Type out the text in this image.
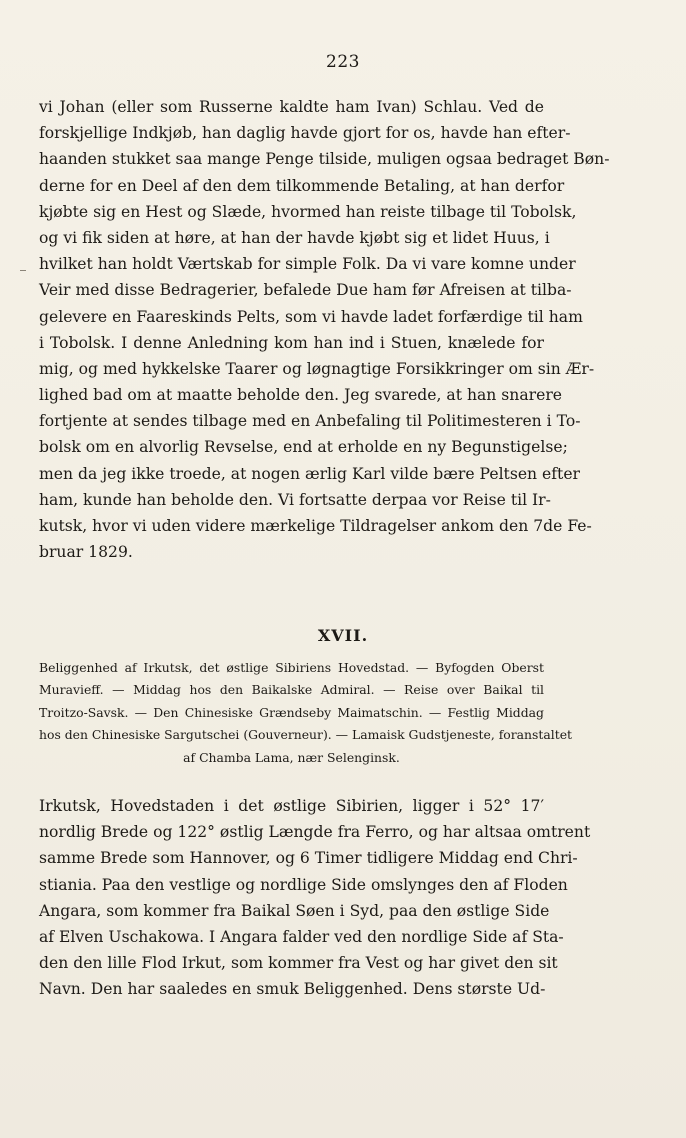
223
vi Johan (eller som Russerne kaldte ham Ivan) Schlau. Ved de
forskjellige Indkjøb, han daglig havde gjort for os, havde han efter-
haanden stukket saa mange Penge tilside, muligen ogsaa bedraget Bøn-
derne for en Deel af den dem tilkommende Betaling, at han derfor
kjøbte sig en Hest og Slæde, hvormed han reiste tilbage til Tobolsk,
og vi fik siden at høre, at han der havde kjøbt sig et lidet Huus, i
hvilket han holdt Værtskab for simple Folk. Da vi vare komne under
Veir med disse Bedragerier, befalede Due ham før Afreisen at tilba-
gelevere en Faareskinds Pelts, som vi havde ladet forfærdige til ham
i Tobolsk. I denne Anledning kom han ind i Stuen, knælede for
mig, og med hykkelske Taarer og løgnagtige Forsikkringer om sin Ær-
lighed bad om at maatte beholde den. Jeg svarede, at han snarere
fortjente at sendes tilbage med en Anbefaling til Politimesteren i To-
bolsk om en alvorlig Revselse, end at erholde en ny Begunstigelse;
men da jeg ikke troede, at nogen ærlig Karl vilde bære Peltsen efter
ham, kunde han beholde den. Vi fortsatte derpaa vor Reise til Ir-
kutsk, hvor vi uden videre mærkelige Tildragelser ankom den 7de Fe-
bruar 1829.
XVII.
Beliggenhed af Irkutsk, det østlige Sibiriens Hovedstad. — Byfogden Oberst
Muravieff. — Middag hos den Baikalske Admiral. — Reise over Baikal til
Troitzo-Savsk. — Den Chinesiske Grændseby Maimatschin. — Festlig Middag
hos den Chinesiske Sargutschei (Gouverneur). — Lamaisk Gudstjeneste, foranstaltet
af Chamba Lama, nær Selenginsk.
Irkutsk, Hovedstaden i det østlige Sibirien, ligger i 52° 17′
nordlig Brede og 122° østlig Længde fra Ferro, og har altsaa omtrent
samme Brede som Hannover, og 6 Timer tidligere Middag end Chri-
stiania. Paa den vestlige og nordlige Side omslynges den af Floden
Angara, som kommer fra Baikal Søen i Syd, paa den østlige Side
af Elven Uschakowa. I Angara falder ved den nordlige Side af Sta-
den den lille Flod Irkut, som kommer fra Vest og har givet den sit
Navn. Den har saaledes en smuk Beliggenhed. Dens største Ud-
